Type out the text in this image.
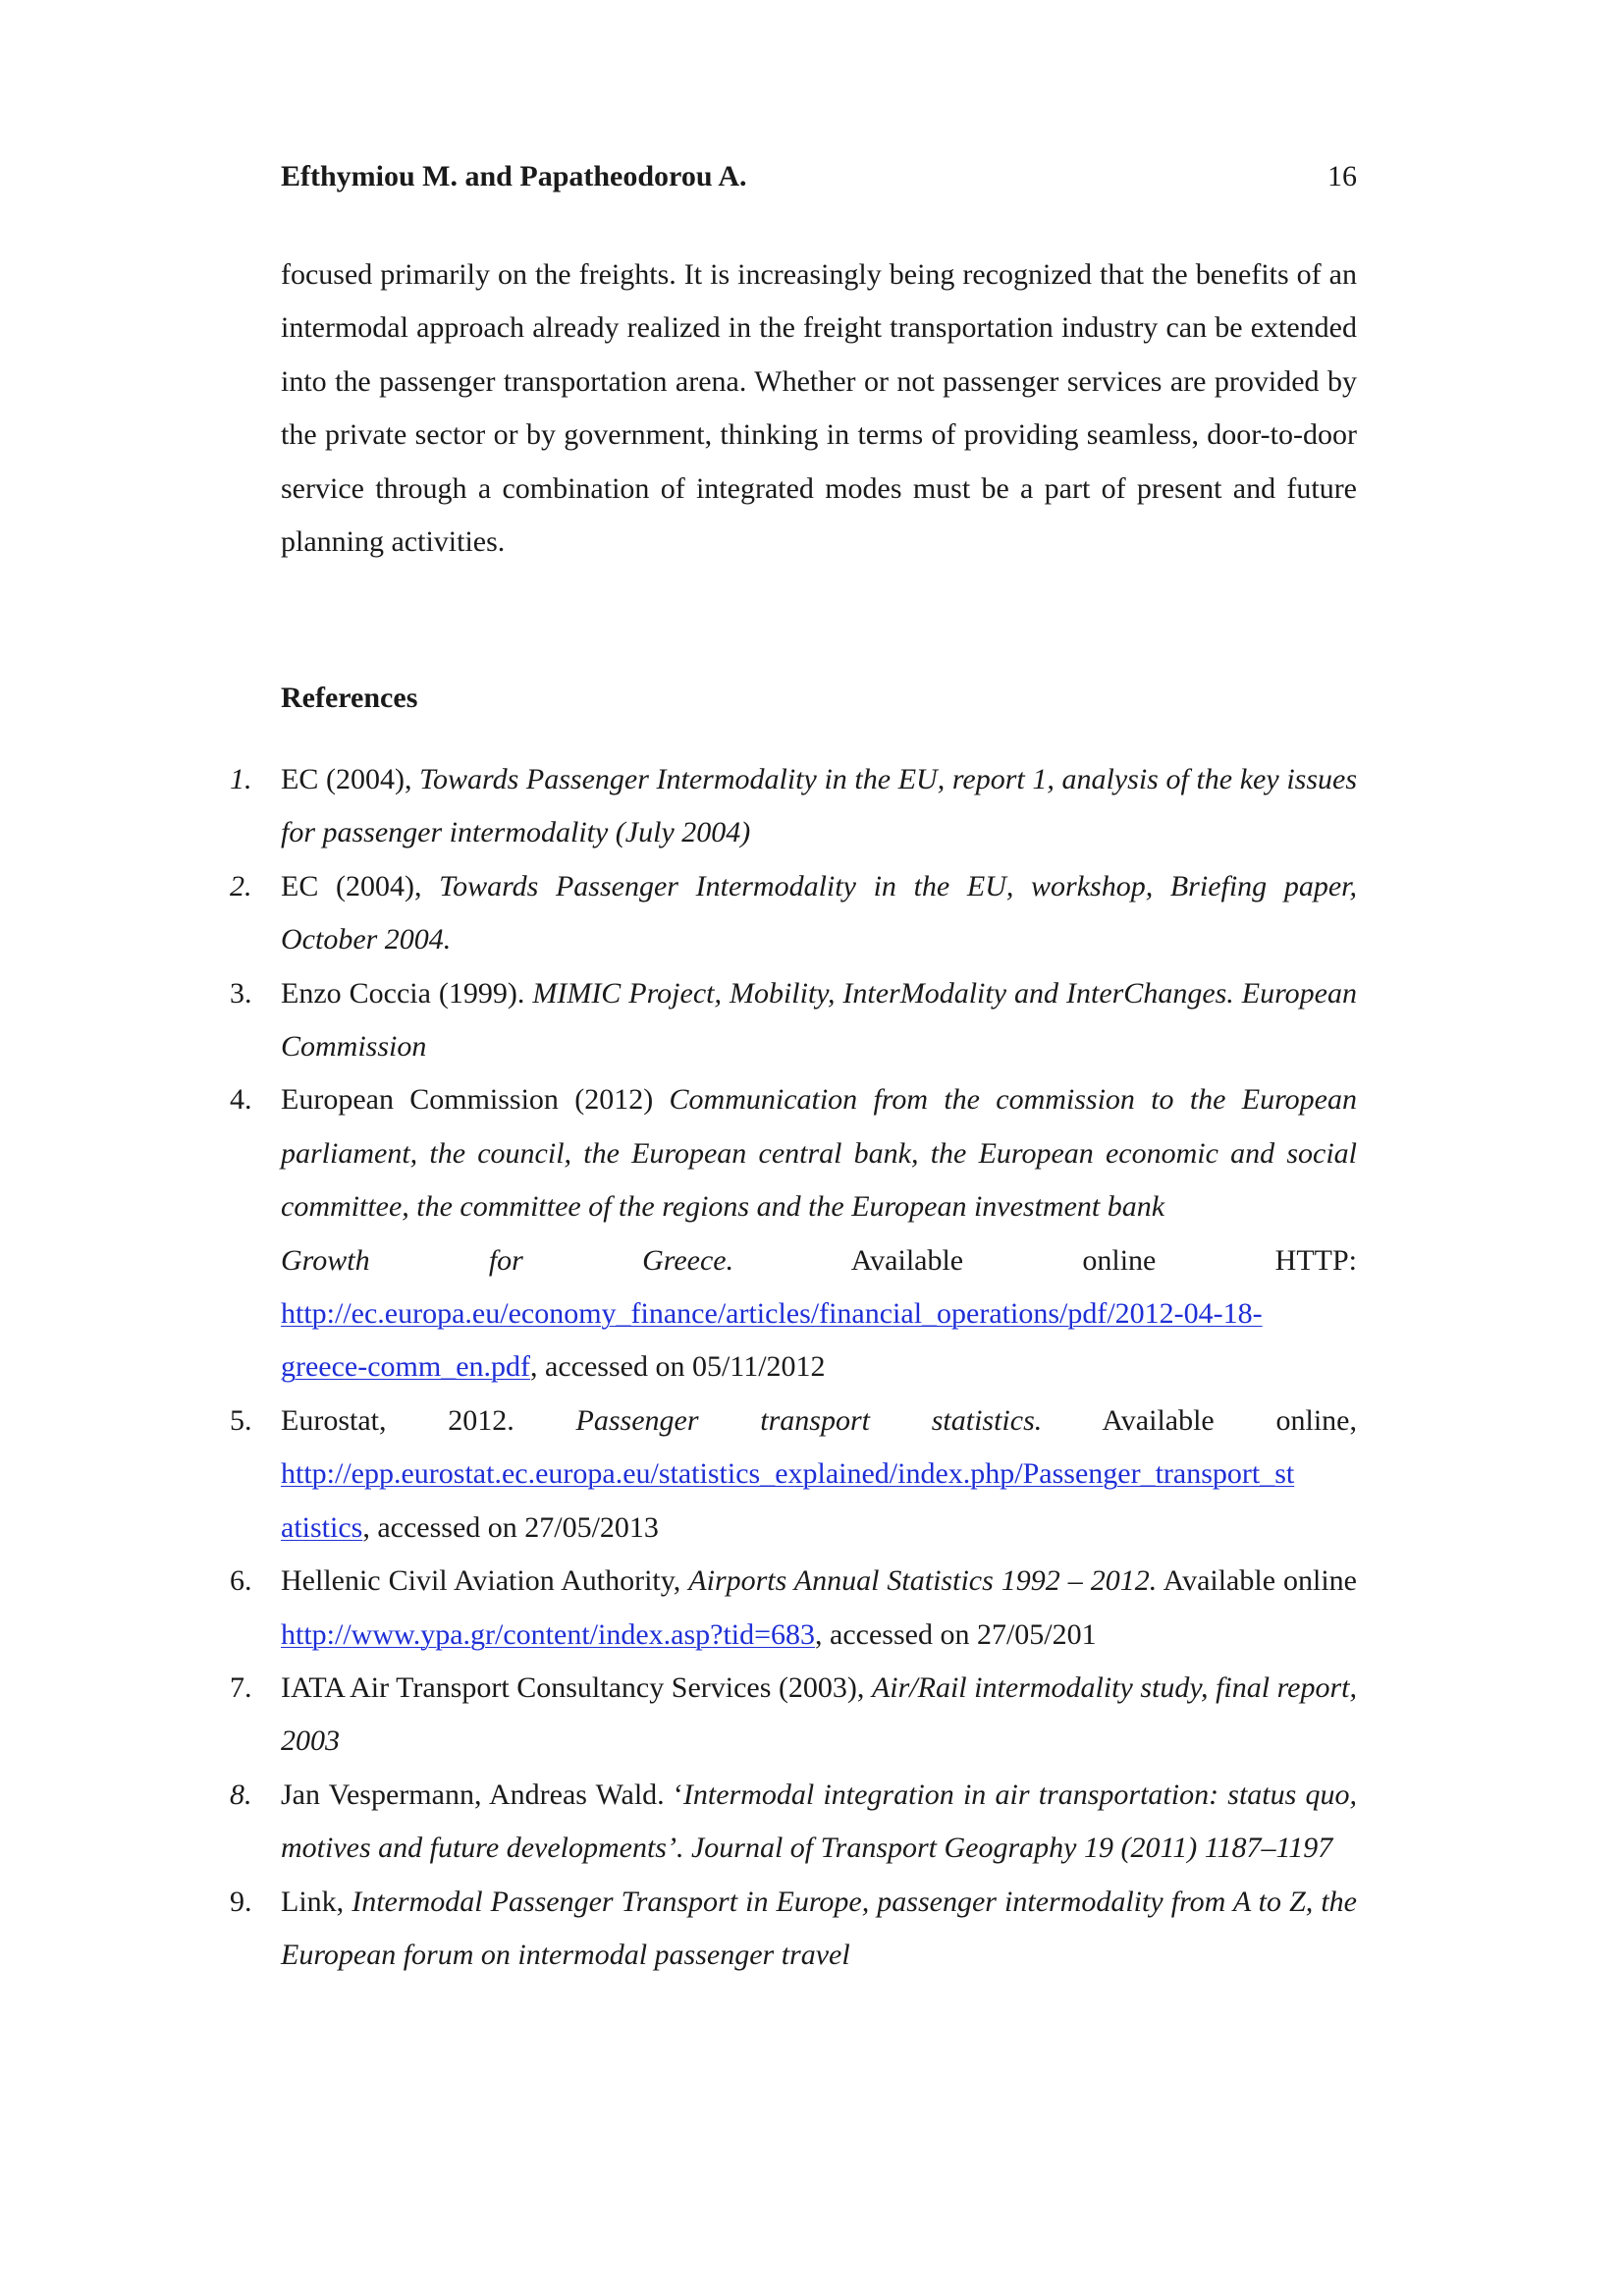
Efthymiou M. and Papatheodorou A.	16

focused primarily on the freights. It is increasingly being recognized that the benefits of an intermodal approach already realized in the freight transportation industry can be extended into the passenger transportation arena. Whether or not passenger services are provided by the private sector or by government, thinking in terms of providing seamless, door-to-door service through a combination of integrated modes must be a part of present and future planning activities.

References
1. EC (2004), Towards Passenger Intermodality in the EU, report 1, analysis of the key issues for passenger intermodality (July 2004)
2. EC (2004), Towards Passenger Intermodality in the EU, workshop, Briefing paper, October 2004.
3. Enzo Coccia (1999). MIMIC Project, Mobility, InterModality and InterChanges. European Commission
4. European Commission (2012) Communication from the commission to the European parliament, the council, the European central bank, the European economic and social committee, the committee of the regions and the European investment bank
Growth	for	Greece.	Available	online	HTTP:
http://ec.europa.eu/economy_finance/articles/financial_operations/pdf/2012-04-18-
greece-comm_en.pdf, accessed on 05/11/2012
5. Eurostat, 2012. Passenger transport statistics. Available online,
http://epp.eurostat.ec.europa.eu/statistics_explained/index.php/Passenger_transport_st
atistics, accessed on 27/05/2013
6. Hellenic Civil Aviation Authority, Airports Annual Statistics 1992 – 2012. Available online http://www.ypa.gr/content/index.asp?tid=683, accessed on 27/05/201
7. IATA Air Transport Consultancy Services (2003), Air/Rail intermodality study, final report, 2003
8. Jan Vespermann, Andreas Wald. ‘Intermodal integration in air transportation: status quo, motives and future developments’. Journal of Transport Geography 19 (2011) 1187–1197
9. Link, Intermodal Passenger Transport in Europe, passenger intermodality from A to Z, the European forum on intermodal passenger travel
